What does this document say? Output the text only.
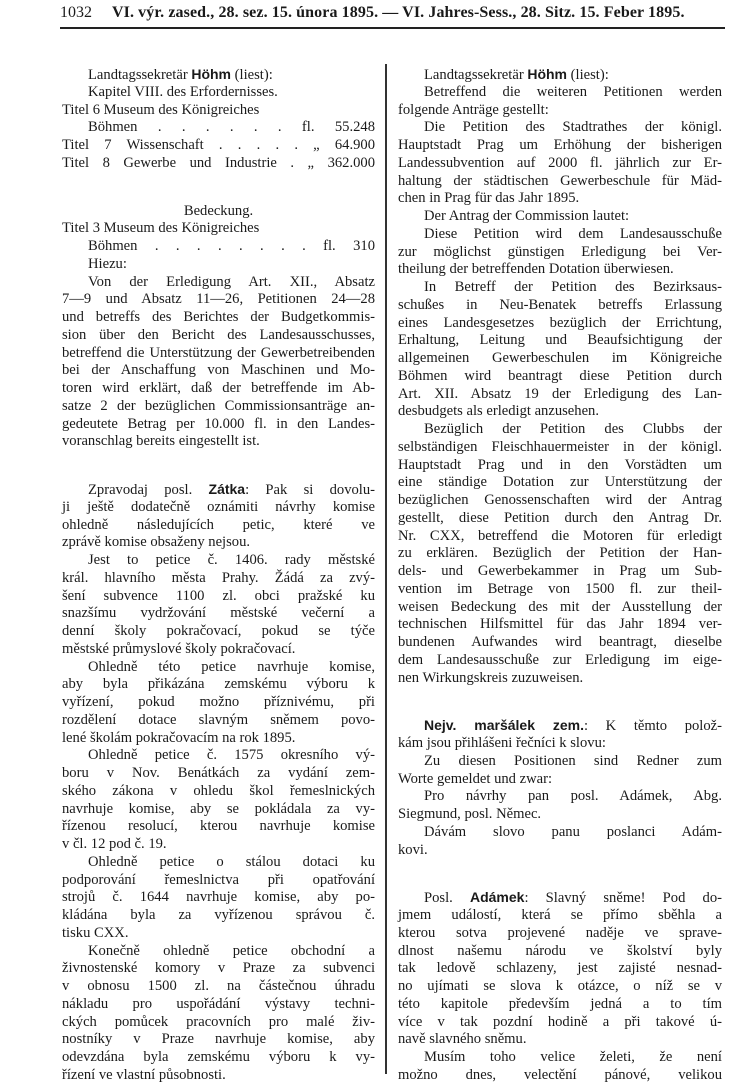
1032 VI. výr. zased., 28. sez. 15. února 1895. — VI. Jahres-Sess., 28. Sitz. 15. Feber 1895.
Landtagssekretär Höhm (liest):
Kapitel VIII. des Erfordernisses.
Titel 6 Museum des Königreiches
Böhmen . . . . . . fl. 55.248
Titel 7 Wissenschaft . . . . . „ 64.900
Titel 8 Gewerbe und Industrie . „ 362.000
Bedeckung.
Titel 3 Museum des Königreiches
Böhmen . . . . . . . . fl. 310
Hiezu:
Von der Erledigung Art. XII., Absatz
7—9 und Absatz 11—26, Petitionen 24—28
und betreffs des Berichtes der Budgetkommis-
sion über den Bericht des Landesausschusses,
betreffend die Unterstützung der Gewerbetreibenden
bei der Anschaffung von Maschinen und Mo-
toren wird erklärt, daß der betreffende im Ab-
satze 2 der bezüglichen Commissionsanträge an-
gedeutete Betrag per 10.000 fl. in den Landes-
voranschlag bereits eingestellt ist.
Zpravodaj posl. Zátka: Pak si dovolu-
ji ještě dodatečně oznámiti návrhy komise
ohledně následujících petic, které ve
zprávě komise obsaženy nejsou.
Jest to petice č. 1406. rady městské
král. hlavního města Prahy. Žádá za zvý-
šení subvence 1100 zl. obci pražské ku
snazšímu vydržování městské večerní a
denní školy pokračovací, pokud se týče
městské průmyslové školy pokračovací.
Ohledně této petice navrhuje komise,
aby byla přikázána zemskému výboru k
vyřízení, pokud možno příznivému, při
rozdělení dotace slavným sněmem povo-
lené školám pokračovacím na rok 1895.
Ohledně petice č. 1575 okresního vý-
boru v Nov. Benátkách za vydání zem-
ského zákona v ohledu škol řemeslnických
navrhuje komise, aby se pokládala za vy-
řízenou resolucí, kterou navrhuje komise
v čl. 12 pod č. 19.
Ohledně petice o stálou dotaci ku
podporování řemeslnictva při opatřování
strojů č. 1644 navrhuje komise, aby po-
kládána byla za vyřízenou správou č.
tisku CXX.
Konečně ohledně petice obchodní a
živnostenské komory v Praze za subvenci
v obnosu 1500 zl. na částečnou úhradu
nákladu pro uspořádání výstavy techni-
ckých pomůcek pracovních pro malé živ-
nostníky v Praze navrhuje komise, aby
odevzdána byla zemskému výboru k vy-
řízení ve vlastní působnosti.
Landtagssekretär Höhm (liest):
Betreffend die weiteren Petitionen werden
folgende Anträge gestellt:
Die Petition des Stadtrathes der königl.
Hauptstadt Prag um Erhöhung der bisherigen
Landessubvention auf 2000 fl. jährlich zur Er-
haltung der städtischen Gewerbeschule für Mäd-
chen in Prag für das Jahr 1895.
Der Antrag der Commission lautet:
Diese Petition wird dem Landesausschuße
zur möglichst günstigen Erledigung bei Ver-
theilung der betreffenden Dotation überwiesen.
In Betreff der Petition des Bezirksaus-
schußes in Neu-Benatek betreffs Erlassung
eines Landesgesetzes bezüglich der Errichtung,
Erhaltung, Leitung und Beaufsichtigung der
allgemeinen Gewerbeschulen im Königreiche
Böhmen wird beantragt diese Petition durch
Art. XII. Absatz 19 der Erledigung des Lan-
desbudgets als erledigt anzusehen.
Bezüglich der Petition des Clubbs der
selbständigen Fleischhauermeister in der königl.
Hauptstadt Prag und in den Vorstädten um
eine ständige Dotation zur Unterstützung der
bezüglichen Genossenschaften wird der Antrag
gestellt, diese Petition durch den Antrag Dr.
Nr. CXX, betreffend die Motoren für erledigt
zu erklären. Bezüglich der Petition der Han-
dels- und Gewerbekammer in Prag um Sub-
vention im Betrage von 1500 fl. zur theil-
weisen Bedeckung des mit der Ausstellung der
technischen Hilfsmittel für das Jahr 1894 ver-
bundenen Aufwandes wird beantragt, dieselbe
dem Landesausschuße zur Erledigung im eige-
nen Wirkungskreis zuzuweisen.
Nejv. maršálek zem.: K těmto polož-
kám jsou přihlášeni řečníci k slovu:
Zu diesen Positionen sind Redner zum
Worte gemeldet und zwar:
Pro návrhy pan posl. Adámek, Abg.
Siegmund, posl. Němec.
Dávám slovo panu poslanci Adám-
kovi.
Posl. Adámek: Slavný sněme! Pod do-
jmem událostí, která se přímo sběhla a
kterou sotva projevené naděje ve sprave-
dlnost našemu národu ve školství byly
tak ledově schlazeny, jest zajisté nesnad-
no ujímati se slova k otázce, o níž se v
této kapitole především jedná a to tím
více v tak pozdní hodině a při takové ú-
navě slavného sněmu.
Musím toho velice želeti, že není
možno dnes, velectění pánové, velikou
